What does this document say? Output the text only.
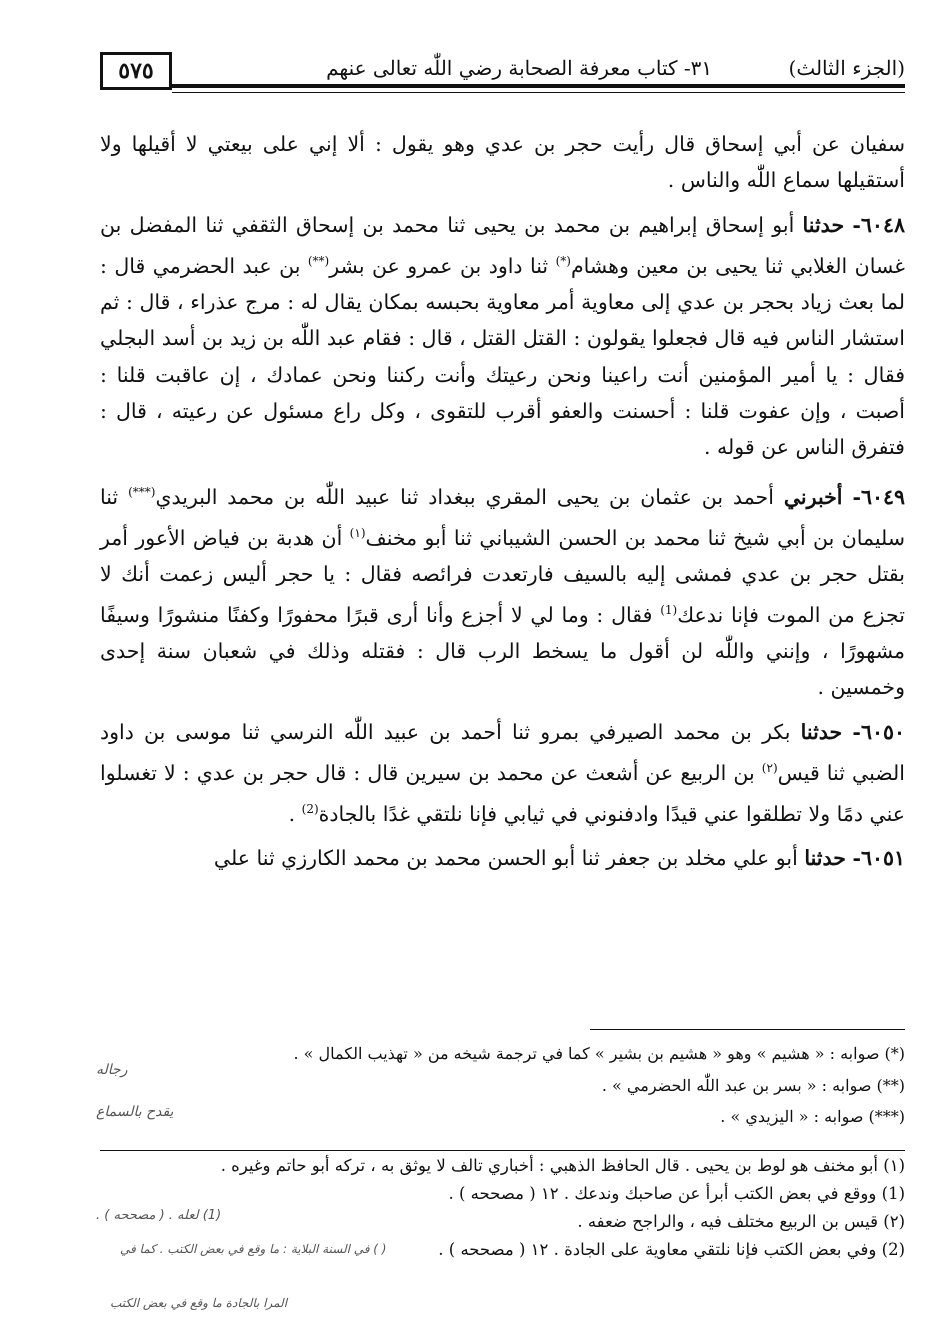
٥٧٥	(الجزء الثالث) ٣١- كتاب معرفة الصحابة رضي اللّٰه تعالى عنهم

سفيان عن أبي إسحاق قال رأيت حجر بن عدي وهو يقول : ألا إني على بيعتي لا أقيلها ولا أستقيلها سماع اللّٰه والناس .

٦٠٤٨- حدثنا أبو إسحاق إبراهيم بن محمد بن يحيى ثنا محمد بن إسحاق الثقفي ثنا المفضل بن غسان الغلابي ثنا يحيى بن معين وهشام(*) ثنا داود بن عمرو عن بشر(**) بن عبد الحضرمي قال : لما بعث زياد بحجر بن عدي إلى معاوية أمر معاوية بحبسه بمكان يقال له : مرج عذراء ، قال : ثم استشار الناس فيه قال فجعلوا يقولون : القتل القتل ، قال : فقام عبد اللّٰه بن زيد بن أسد البجلي فقال : يا أمير المؤمنين أنت راعينا ونحن رعيتك وأنت ركننا ونحن عمادك ، إن عاقبت قلنا : أصبت ، وإن عفوت قلنا : أحسنت والعفو أقرب للتقوى ، وكل راع مسئول عن رعيته ، قال : فتفرق الناس عن قوله .

٦٠٤٩- أخبرني أحمد بن عثمان بن يحيى المقري ببغداد ثنا عبيد اللّٰه بن محمد البريدي(***) ثنا سليمان بن أبي شيخ ثنا محمد بن الحسن الشيباني ثنا أبو مخنف$^{(١)}$ أن هدبة بن فياض الأعور أمر بقتل حجر بن عدي فمشى إليه بالسيف فارتعدت فرائصه فقال : يا حجر أليس زعمت أنك لا تجزع من الموت فإنا ندعك$^{(1)}$ فقال : وما لي لا أجزع وأنا أرى قبرًا محفورًا وكفنًا منشورًا وسيفًا مشهورًا ، وإنني واللّٰه لن أقول ما يسخط الرب قال : فقتله وذلك في شعبان سنة إحدى وخمسين .

٦٠٥٠- حدثنا بكر بن محمد الصيرفي بمرو ثنا أحمد بن عبيد اللّٰه النرسي ثنا موسى بن داود الضبي ثنا قيس$^{(٢)}$ بن الربيع عن أشعث عن محمد بن سيرين قال : قال حجر بن عدي : لا تغسلوا عني دمًا ولا تطلقوا عني قيدًا وادفنوني في ثيابي فإنا نلتقي غدًا بالجادة$^{(2)}$ .

٦٠٥١- حدثنا أبو علي مخلد بن جعفر ثنا أبو الحسن محمد بن محمد الكارزي ثنا علي

(*) صوابه : « هشيم » وهو « هشيم بن بشير » كما في ترجمة شيخه من « تهذيب الكمال » .

(**) صوابه : « بسر بن عبد اللّٰه الحضرمي » .

(***) صوابه : « اليزيدي » .

(١) أبو مخنف هو لوط بن يحيى . قال الحافظ الذهبي : أخباري تالف لا يوثق به ، تركه أبو حاتم وغيره .

(1) ووقع في بعض الكتب أبرأ عن صاحبك وندعك . ١٢ ( مصححه ) .

(٢) قيس بن الربيع مختلف فيه ، والراجح ضعفه .

(2) وفي بعض الكتب فإنا نلتقي معاوية على الجادة . ١٢ ( مصححه ) .

رجاله
يقدح بالسماع
(1) لعله . ( مصححه ) .
( ) في السنة البلاية : ما وقع في بعض الكتب . كما في
المرا بالجادة ما وقع في بعض الكتب
